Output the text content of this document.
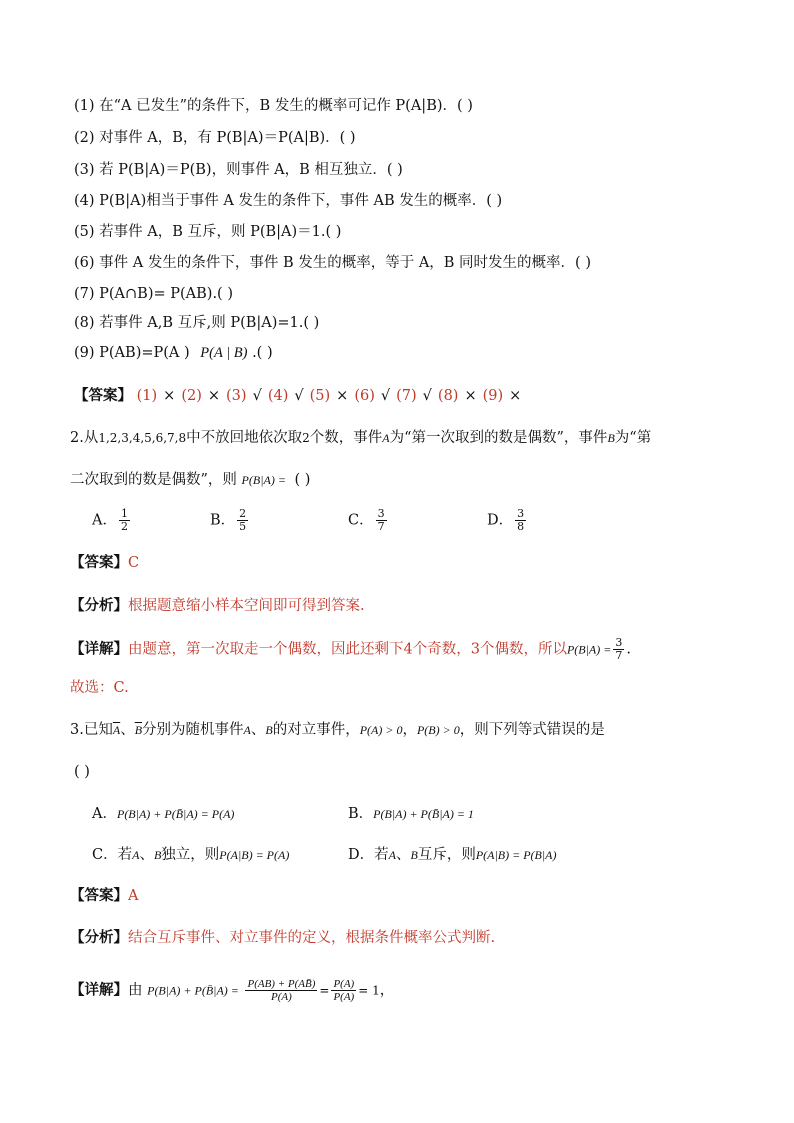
(1) 在“A 已发生”的条件下，B 发生的概率可记作 P(A|B)．( )
(2) 对事件 A，B，有 P(B|A)＝P(A|B)．( )
(3) 若 P(B|A)＝P(B)，则事件 A，B 相互独立．( )
(4) P(B|A)相当于事件 A 发生的条件下，事件 AB 发生的概率．( )
(5) 若事件 A，B 互斥，则 P(B|A)＝1.( )
(6) 事件 A 发生的条件下，事件 B 发生的概率，等于 A，B 同时发生的概率．( )
(7) P(A∩B)= P(AB).( )
(8) 若事件 A,B 互斥,则 P(B|A)=1.( )
(9) P(AB)=P(A ) P(A | B) .( )
【答案】 (1) × (2) × (3) √ (4) √ (5) × (6) √ (7) √ (8) × (9) ×
2.从1,2,3,4,5,6,7,8中不放回地依次取2个数，事件A为“第一次取到的数是偶数”，事件B为“第
二次取到的数是偶数”，则 P(B|A) = ( )
A． $\frac{1}{2}$	B． $\frac{2}{5}$	C． $\frac{3}{7}$	D． $\frac{3}{8}$
【答案】C
【分析】根据题意缩小样本空间即可得到答案.
【详解】由题意，第一次取走一个偶数，因此还剩下4个奇数，3个偶数，所以$P(B|A) = \frac{3}{7}$ .
故选：C.
3.已知$\overline{A}$、$\overline{B}$分别为随机事件A、B的对立事件，P(A) > 0，P(B) > 0，则下列等式错误的是
( )
A．P(B|A) + P(B̄|A) = P(A)	B．P(B|A) + P(B̄|A) = 1
C．若A、B独立，则P(A|B) = P(A)	D．若A、B互斥，则P(A|B) = P(B|A)
【答案】A
【分析】结合互斥事件、对立事件的定义，根据条件概率公式判断.
【详解】由 P(B|A) + P(B̄|A) = $\frac{P(AB) + P(AB̄)}{P(A)} = \frac{P(A)}{P(A)} = 1$，
